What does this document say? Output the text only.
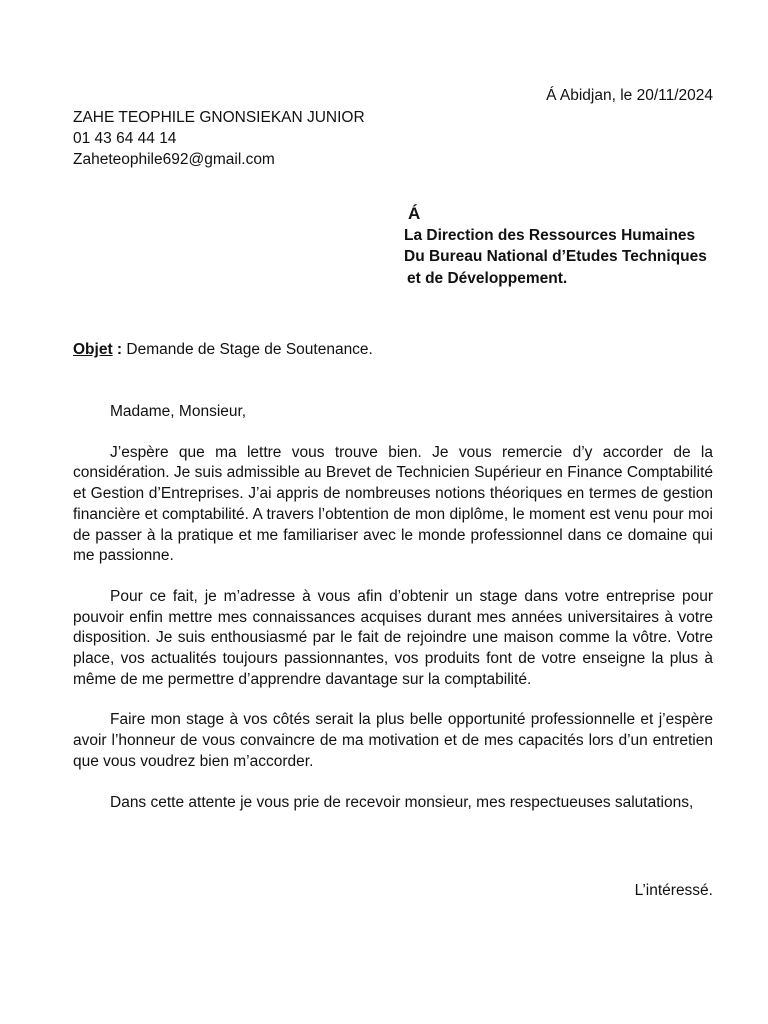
Á Abidjan, le 20/11/2024
ZAHE TEOPHILE GNONSIEKAN JUNIOR
01 43 64 44 14
Zaheteophile692@gmail.com
Á
La Direction des Ressources Humaines
Du Bureau National d’Etudes Techniques
et de Développement.
Objet : Demande de Stage de Soutenance.

Madame, Monsieur,

J’espère que ma lettre vous trouve bien. Je vous remercie d’y accorder de la considération. Je suis admissible au Brevet de Technicien Supérieur en Finance Comptabilité et Gestion d’Entreprises. J’ai appris de nombreuses notions théoriques en termes de gestion financière et comptabilité. A travers l’obtention de mon diplôme, le moment est venu pour moi de passer à la pratique et me familiariser avec le monde professionnel dans ce domaine qui me passionne.

Pour ce fait, je m’adresse à vous afin d’obtenir un stage dans votre entreprise pour pouvoir enfin mettre mes connaissances acquises durant mes années universitaires à votre disposition. Je suis enthousiasmé par le fait de rejoindre une maison comme la vôtre. Votre place, vos actualités toujours passionnantes, vos produits font de votre enseigne la plus à même de me permettre d’apprendre davantage sur la comptabilité.

Faire mon stage à vos côtés serait la plus belle opportunité professionnelle et j’espère avoir l’honneur de vous convaincre de ma motivation et de mes capacités lors d’un entretien que vous voudrez bien m’accorder.

Dans cette attente je vous prie de recevoir monsieur, mes respectueuses salutations,

L’intéressé.
